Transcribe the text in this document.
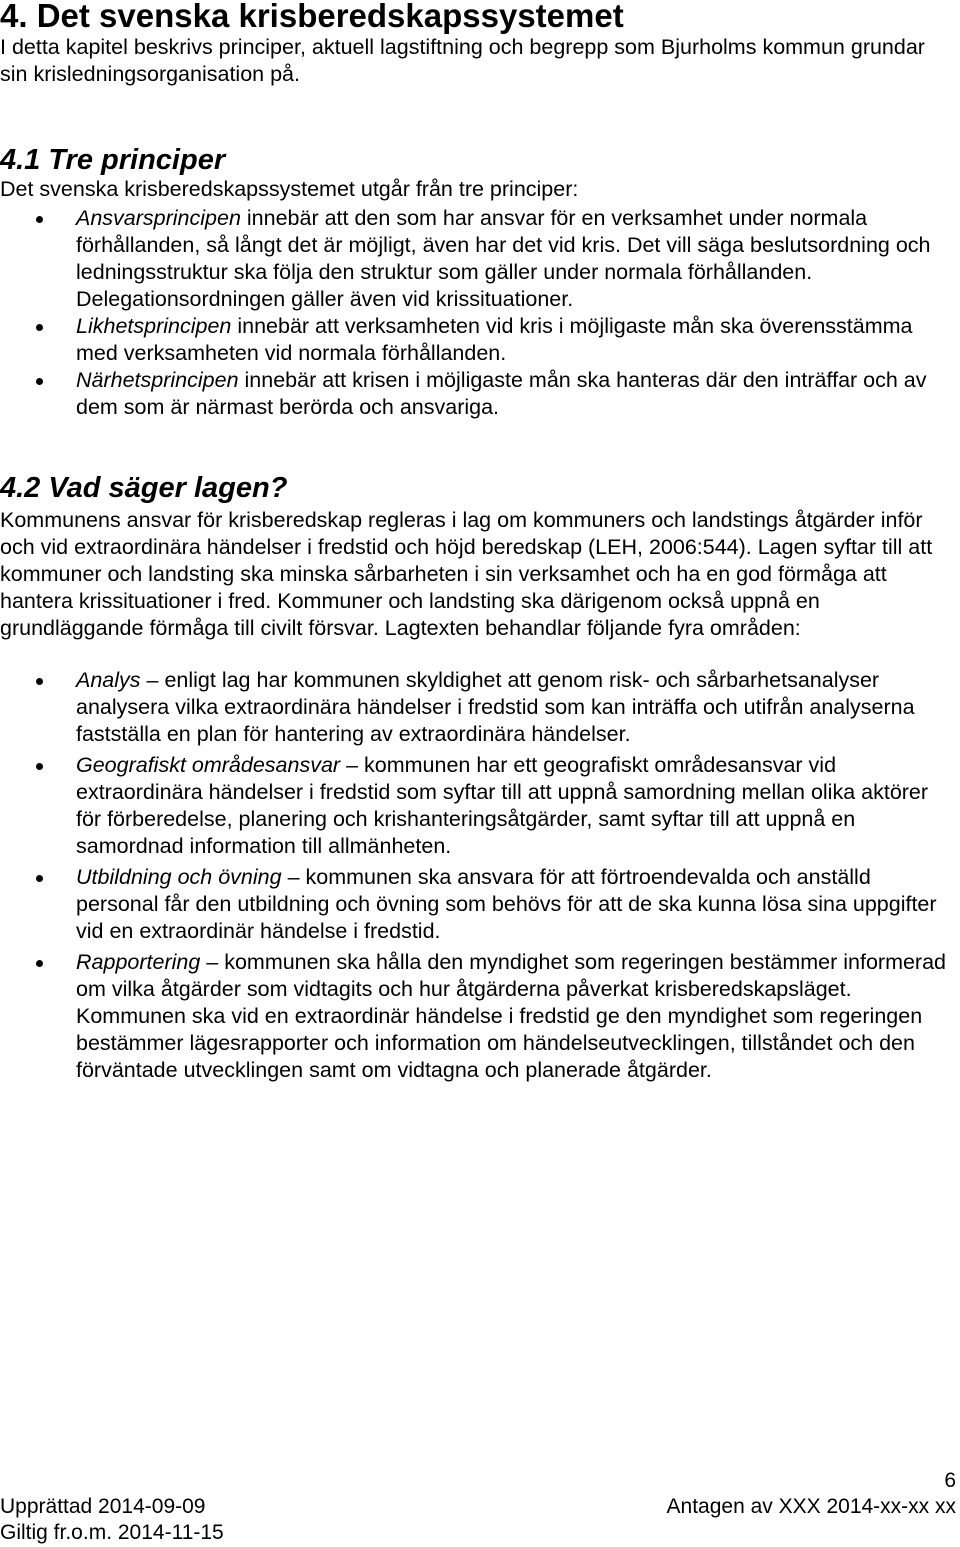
4. Det svenska krisberedskapssystemet
I detta kapitel beskrivs principer, aktuell lagstiftning och begrepp som Bjurholms kommun grundar sin krisledningsorganisation på.
4.1 Tre principer
Det svenska krisberedskapssystemet utgår från tre principer:
Ansvarsprincipen innebär att den som har ansvar för en verksamhet under normala förhållanden, så långt det är möjligt, även har det vid kris. Det vill säga beslutsordning och ledningsstruktur ska följa den struktur som gäller under normala förhållanden. Delegationsordningen gäller även vid krissituationer.
Likhetsprincipen innebär att verksamheten vid kris i möjligaste mån ska överensstämma med verksamheten vid normala förhållanden.
Närhetsprincipen innebär att krisen i möjligaste mån ska hanteras där den inträffar och av dem som är närmast berörda och ansvariga.
4.2 Vad säger lagen?
Kommunens ansvar för krisberedskap regleras i lag om kommuners och landstings åtgärder inför och vid extraordinära händelser i fredstid och höjd beredskap (LEH, 2006:544). Lagen syftar till att kommuner och landsting ska minska sårbarheten i sin verksamhet och ha en god förmåga att hantera krissituationer i fred. Kommuner och landsting ska därigenom också uppnå en grundläggande förmåga till civilt försvar. Lagtexten behandlar följande fyra områden:
Analys – enligt lag har kommunen skyldighet att genom risk- och sårbarhetsanalyser analysera vilka extraordinära händelser i fredstid som kan inträffa och utifrån analyserna fastställa en plan för hantering av extraordinära händelser.
Geografiskt områdesansvar – kommunen har ett geografiskt områdesansvar vid extraordinära händelser i fredstid som syftar till att uppnå samordning mellan olika aktörer för förberedelse, planering och krishanteringsåtgärder, samt syftar till att uppnå en samordnad information till allmänheten.
Utbildning och övning – kommunen ska ansvara för att förtroendevalda och anställd personal får den utbildning och övning som behövs för att de ska kunna lösa sina uppgifter vid en extraordinär händelse i fredstid.
Rapportering – kommunen ska hålla den myndighet som regeringen bestämmer informerad om vilka åtgärder som vidtagits och hur åtgärderna påverkat krisberedskapsläget. Kommunen ska vid en extraordinär händelse i fredstid ge den myndighet som regeringen bestämmer lägesrapporter och information om händelseutvecklingen, tillståndet och den förväntade utvecklingen samt om vidtagna och planerade åtgärder.
6
Upprättad 2014-09-09	Antagen av XXX 2014-xx-xx xx
Giltig fr.o.m. 2014-11-15
